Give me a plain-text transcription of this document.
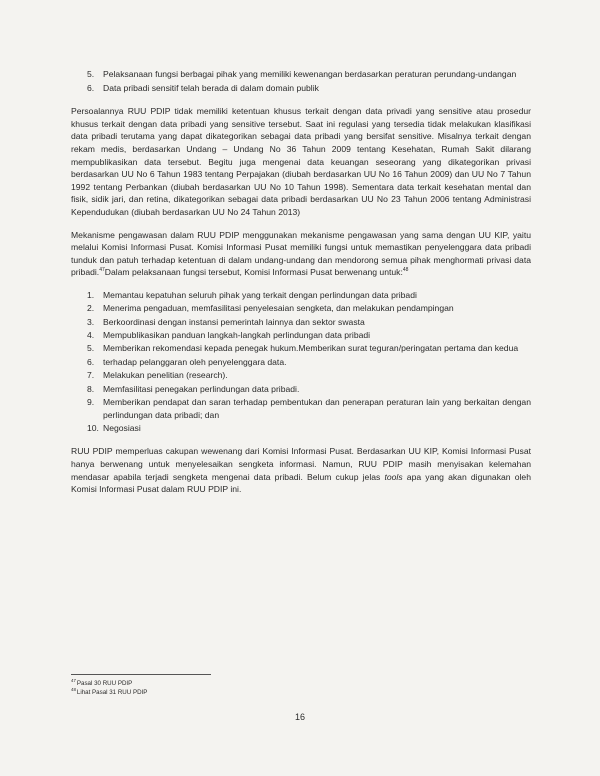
5. Pelaksanaan fungsi berbagai pihak yang memiliki kewenangan berdasarkan peraturan perundang-undangan
6. Data pribadi sensitif telah berada di dalam domain publik

Persoalannya RUU PDIP tidak memiliki ketentuan khusus terkait dengan data privadi yang sensitive atau prosedur khusus terkait dengan data pribadi yang sensitive tersebut. Saat ini regulasi yang tersedia tidak melakukan klasifikasi data pribadi terutama yang dapat dikategorikan sebagai data pribadi yang bersifat sensitive. Misalnya terkait dengan rekam medis, berdasarkan Undang – Undang No 36 Tahun 2009 tentang Kesehatan, Rumah Sakit dilarang mempublikasikan data tersebut. Begitu juga mengenai data keuangan seseorang yang dikategorikan privasi berdasarkan UU No 6 Tahun 1983 tentang Perpajakan (diubah berdasarkan UU No 16 Tahun 2009) dan UU No 7 Tahun 1992 tentang Perbankan (diubah berdasarkan UU No 10 Tahun 1998). Sementara data terkait kesehatan mental dan fisik, sidik jari, dan retina, dikategorikan sebagai data pribadi berdasarkan UU No 23 Tahun 2006 tentang Administrasi Kependudukan (diubah berdasarkan UU No 24 Tahun 2013)

Mekanisme pengawasan dalam RUU PDIP menggunakan mekanisme pengawasan yang sama dengan UU KIP, yaitu melalui Komisi Informasi Pusat. Komisi Informasi Pusat memiliki fungsi untuk memastikan penyelenggara data pribadi tunduk dan patuh terhadap ketentuan di dalam undang-undang dan mendorong semua pihak menghormati privasi data pribadi.$^{47}$Dalam pelaksanaan fungsi tersebut, Komisi Informasi Pusat berwenang untuk:$^{48}$

1. Memantau kepatuhan seluruh pihak yang terkait dengan perlindungan data pribadi
2. Menerima pengaduan, memfasilitasi penyelesaian sengketa, dan melakukan pendampingan
3. Berkoordinasi dengan instansi pemerintah lainnya dan sektor swasta
4. Mempublikasikan panduan langkah-langkah perlindungan data pribadi
5. Memberikan rekomendasi kepada penegak hukum.Memberikan surat teguran/peringatan pertama dan kedua
6. terhadap pelanggaran oleh penyelenggara data.
7. Melakukan penelitian (research).
8. Memfasilitasi penegakan perlindungan data pribadi.
9. Memberikan pendapat dan saran terhadap pembentukan dan penerapan peraturan lain yang berkaitan dengan perlindungan data pribadi; dan
10. Negosiasi

RUU PDIP memperluas cakupan wewenang dari Komisi Informasi Pusat. Berdasarkan UU KIP, Komisi Informasi Pusat hanya berwenang untuk menyelesaikan sengketa informasi. Namun, RUU PDIP masih menyisakan kelemahan mendasar apabila terjadi sengketa mengenai data pribadi. Belum cukup jelas tools apa yang akan digunakan oleh Komisi Informasi Pusat dalam RUU PDIP ini.

$^{47}$Pasal 30 RUU PDIP
$^{48}$Lihat Pasal 31 RUU PDIP
16
